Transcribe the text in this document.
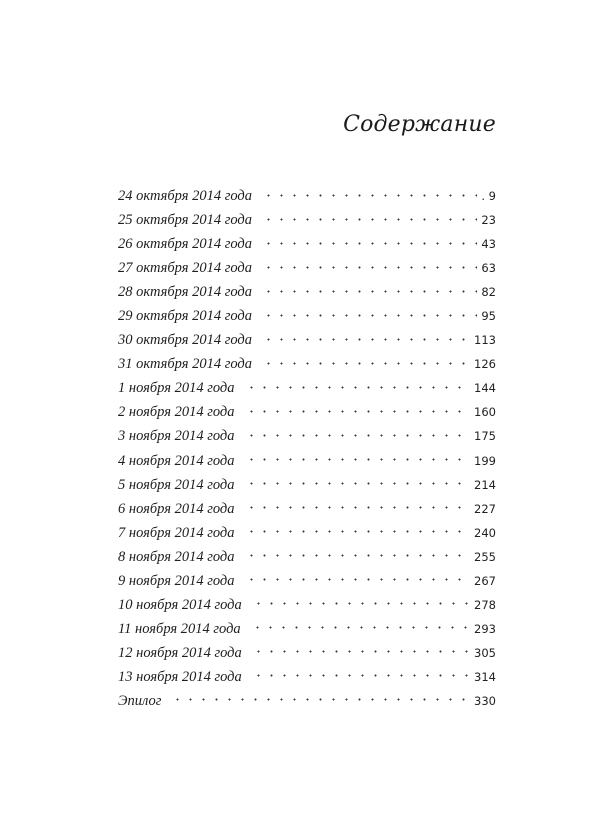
Содержание
24 октября 2014 года	. 9
25 октября 2014 года	23
26 октября 2014 года	43
27 октября 2014 года	63
28 октября 2014 года	82
29 октября 2014 года	95
30 октября 2014 года	113
31 октября 2014 года	126
1 ноября 2014 года	144
2 ноября 2014 года	160
3 ноября 2014 года	175
4 ноября 2014 года	199
5 ноября 2014 года	214
6 ноября 2014 года	227
7 ноября 2014 года	240
8 ноября 2014 года	255
9 ноября 2014 года	267
10 ноября 2014 года	278
11 ноября 2014 года	293
12 ноября 2014 года	305
13 ноября 2014 года	314
Эпилог	330
